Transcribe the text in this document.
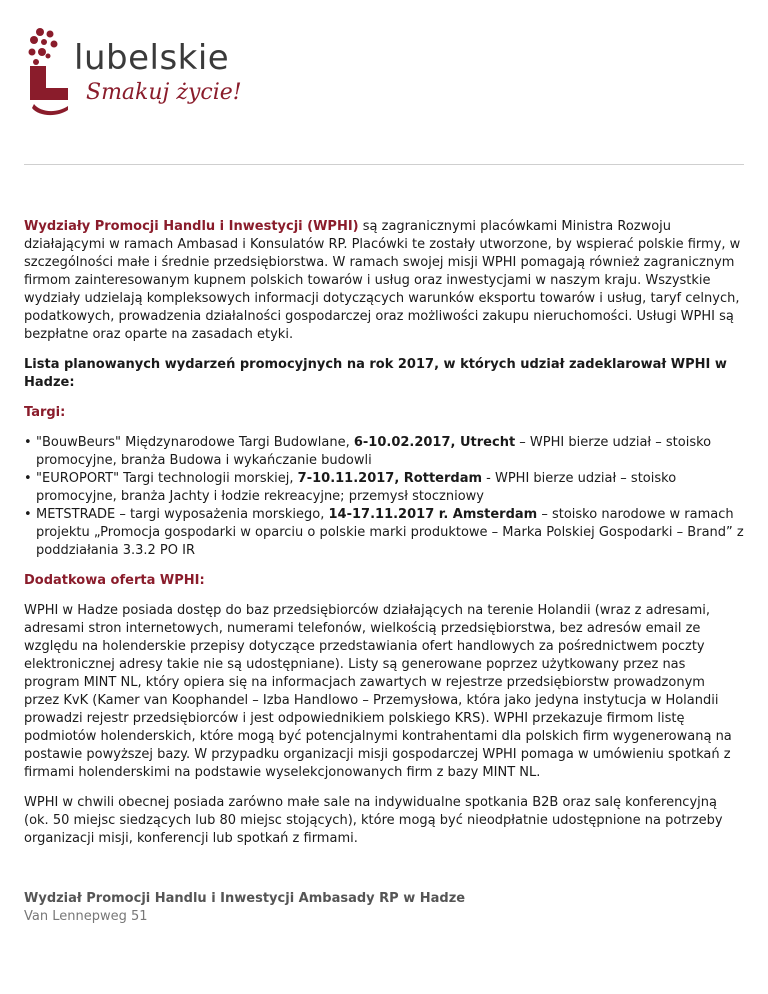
lubelskie
Smakuj życie!

Wydziały Promocji Handlu i Inwestycji (WPHI) są zagranicznymi placówkami Ministra Rozwoju działającymi w ramach Ambasad i Konsulatów RP. Placówki te zostały utworzone, by wspierać polskie firmy, w szczególności małe i średnie przedsiębiorstwa. W ramach swojej misji WPHI pomagają również zagranicznym firmom zainteresowanym kupnem polskich towarów i usług oraz inwestycjami w naszym kraju. Wszystkie wydziały udzielają kompleksowych informacji dotyczących warunków eksportu towarów i usług, taryf celnych, podatkowych, prowadzenia działalności gospodarczej oraz możliwości zakupu nieruchomości. Usługi WPHI są bezpłatne oraz oparte na zasadach etyki.

Lista planowanych wydarzeń promocyjnych na rok 2017, w których udział zadeklarował WPHI w Hadze:

Targi:

• "BouwBeurs" Międzynarodowe Targi Budowlane, 6-10.02.2017, Utrecht – WPHI bierze udział – stoisko promocyjne, branża Budowa i wykańczanie budowli
• "EUROPORT" Targi technologii morskiej, 7-10.11.2017, Rotterdam - WPHI bierze udział – stoisko promocyjne, branża Jachty i łodzie rekreacyjne; przemysł stoczniowy
• METSTRADE – targi wyposażenia morskiego, 14-17.11.2017 r. Amsterdam – stoisko narodowe w ramach projektu „Promocja gospodarki w oparciu o polskie marki produktowe – Marka Polskiej Gospodarki – Brand” z poddziałania 3.3.2 PO IR

Dodatkowa oferta WPHI:

WPHI w Hadze posiada dostęp do baz przedsiębiorców działających na terenie Holandii (wraz z adresami, adresami stron internetowych, numerami telefonów, wielkością przedsiębiorstwa, bez adresów email ze względu na holenderskie przepisy dotyczące przedstawiania ofert handlowych za pośrednictwem poczty elektronicznej adresy takie nie są udostępniane). Listy są generowane poprzez użytkowany przez nas program MINT NL, który opiera się na informacjach zawartych w rejestrze przedsiębiorstw prowadzonym przez KvK (Kamer van Koophandel – Izba Handlowo – Przemysłowa, która jako jedyna instytucja w Holandii prowadzi rejestr przedsiębiorców i jest odpowiednikiem polskiego KRS). WPHI przekazuje firmom listę podmiotów holenderskich, które mogą być potencjalnymi kontrahentami dla polskich firm wygenerowaną na postawie powyższej bazy. W przypadku organizacji misji gospodarczej WPHI pomaga w umówieniu spotkań z firmami holenderskimi na podstawie wyselekcjonowanych firm z bazy MINT NL.

WPHI w chwili obecnej posiada zarówno małe sale na indywidualne spotkania B2B oraz salę konferencyjną (ok. 50 miejsc siedzących lub 80 miejsc stojących), które mogą być nieodpłatnie udostępnione na potrzeby organizacji misji, konferencji lub spotkań z firmami.

Wydział Promocji Handlu i Inwestycji Ambasady RP w Hadze
Van Lennepweg 51
